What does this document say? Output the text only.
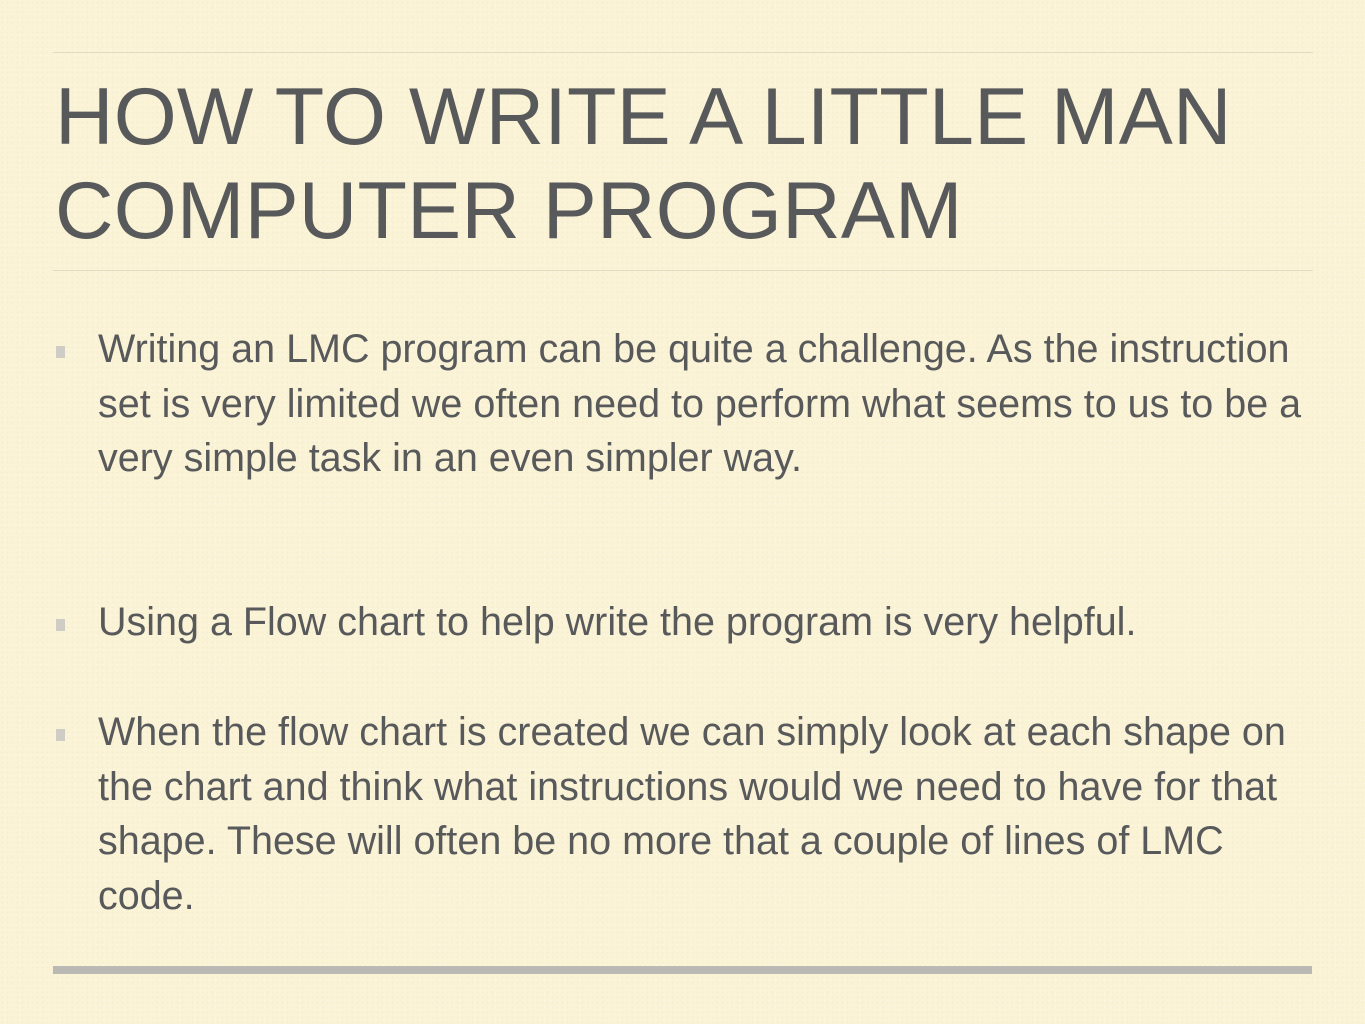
HOW TO WRITE A LITTLE MAN
COMPUTER PROGRAM
Writing an LMC program can be quite a challenge. As the instruction set is very limited we often need to perform what seems to us to be a very simple task in an even simpler way.
Using a Flow chart to help write the program is very helpful.
When the flow chart is created we can simply look at each shape on the chart and think what instructions would we need to have for that shape. These will often be no more that a couple of lines of LMC code.
